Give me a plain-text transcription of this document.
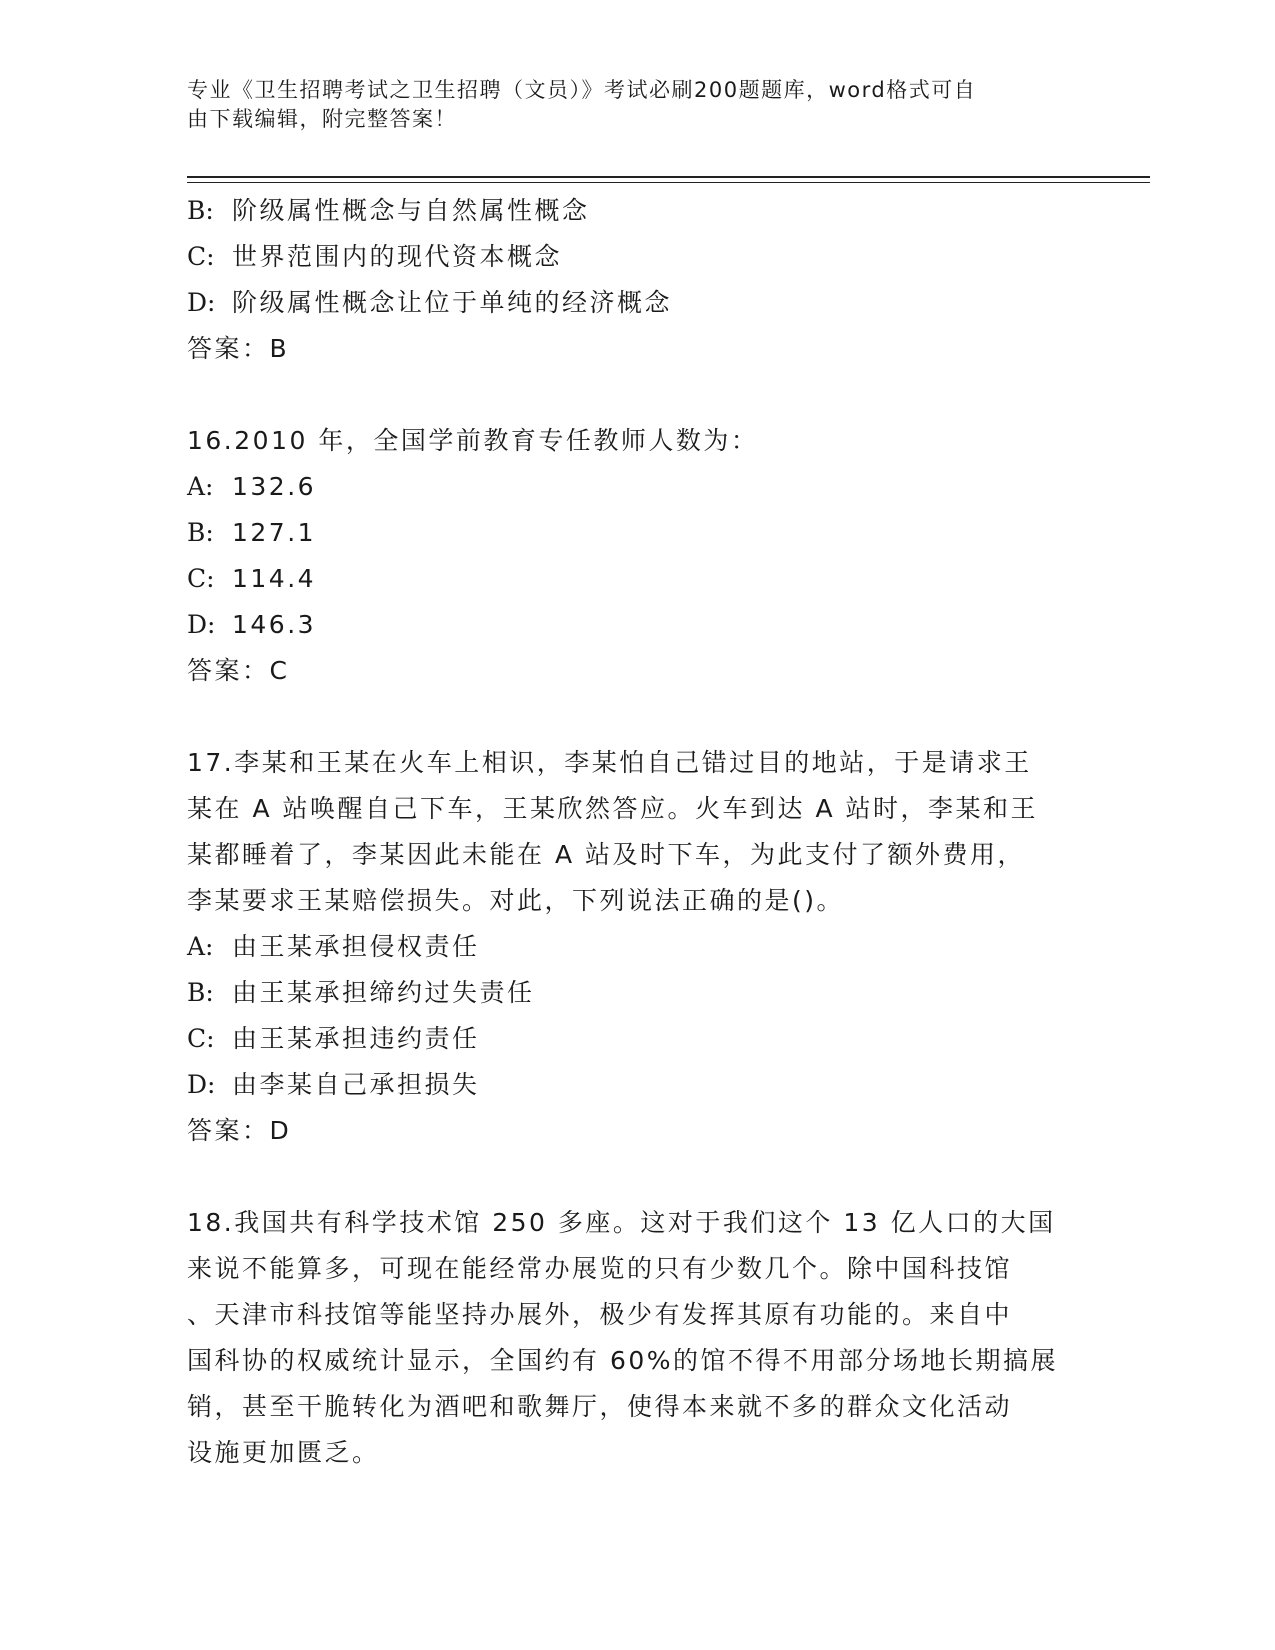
专业《卫生招聘考试之卫生招聘（文员）》考试必刷200题题库，word格式可自
由下载编辑，附完整答案！
B: 阶级属性概念与自然属性概念
C: 世界范围内的现代资本概念
D: 阶级属性概念让位于单纯的经济概念
答案：B
16.2010 年，全国学前教育专任教师人数为：
A: 132.6
B: 127.1
C: 114.4
D: 146.3
答案：C
17.李某和王某在火车上相识，李某怕自己错过目的地站，于是请求王
某在 A 站唤醒自己下车，王某欣然答应。火车到达 A 站时，李某和王
某都睡着了，李某因此未能在 A 站及时下车，为此支付了额外费用，
李某要求王某赔偿损失。对此，下列说法正确的是()。
A: 由王某承担侵权责任
B: 由王某承担缔约过失责任
C: 由王某承担违约责任
D: 由李某自己承担损失
答案：D
18.我国共有科学技术馆 250 多座。这对于我们这个 13 亿人口的大国
来说不能算多，可现在能经常办展览的只有少数几个。除中国科技馆
、天津市科技馆等能坚持办展外，极少有发挥其原有功能的。来自中
国科协的权威统计显示，全国约有 60%的馆不得不用部分场地长期搞展
销，甚至干脆转化为酒吧和歌舞厅，使得本来就不多的群众文化活动
设施更加匮乏。
